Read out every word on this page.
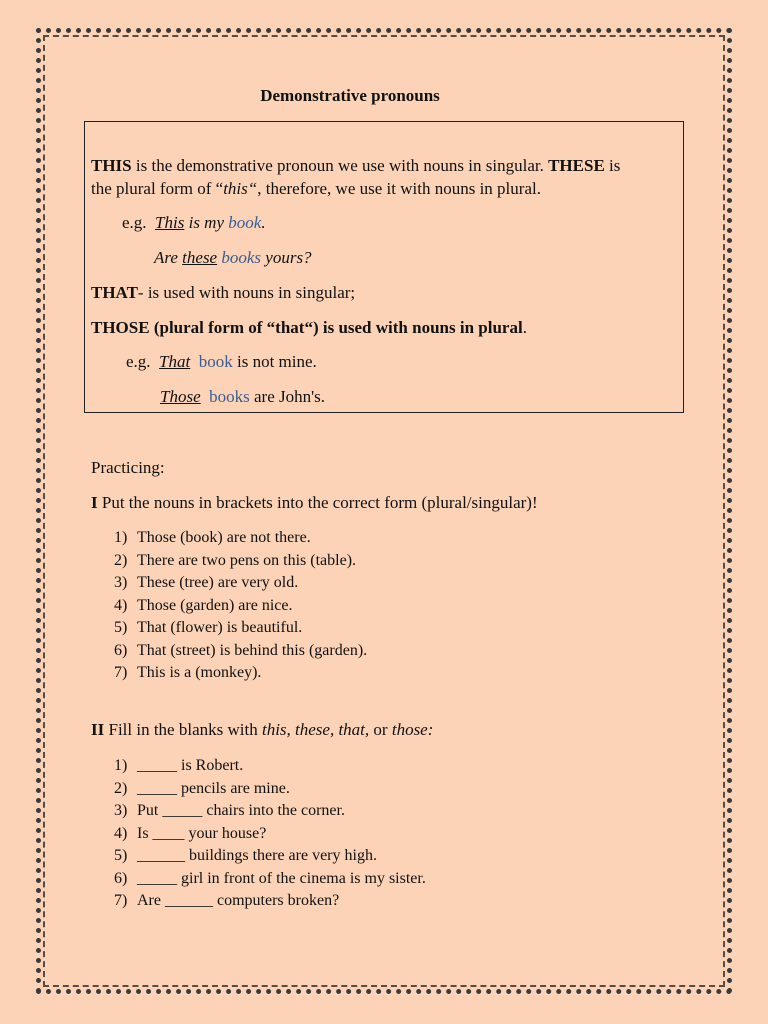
Demonstrative pronouns
THIS is the demonstrative pronoun we use with nouns in singular. THESE is
the plural form of “this“, therefore, we use it with nouns in plural.
e.g. This is my book.
Are these books yours?
THAT- is used with nouns in singular;
THOSE (plural form of “that“) is used with nouns in plural.
e.g. That book is not mine.
Those books are John's.
Practicing:
I Put the nouns in brackets into the correct form (plural/singular)!
1) Those (book) are not there.
2) There are two pens on this (table).
3) These (tree) are very old.
4) Those (garden) are nice.
5) That (flower) is beautiful.
6) That (street) is behind this (garden).
7) This is a (monkey).
II Fill in the blanks with this, these, that, or those:
1) _____ is Robert.
2) _____ pencils are mine.
3) Put _____ chairs into the corner.
4) Is ____ your house?
5) ______ buildings there are very high.
6) _____ girl in front of the cinema is my sister.
7) Are ______ computers broken?
